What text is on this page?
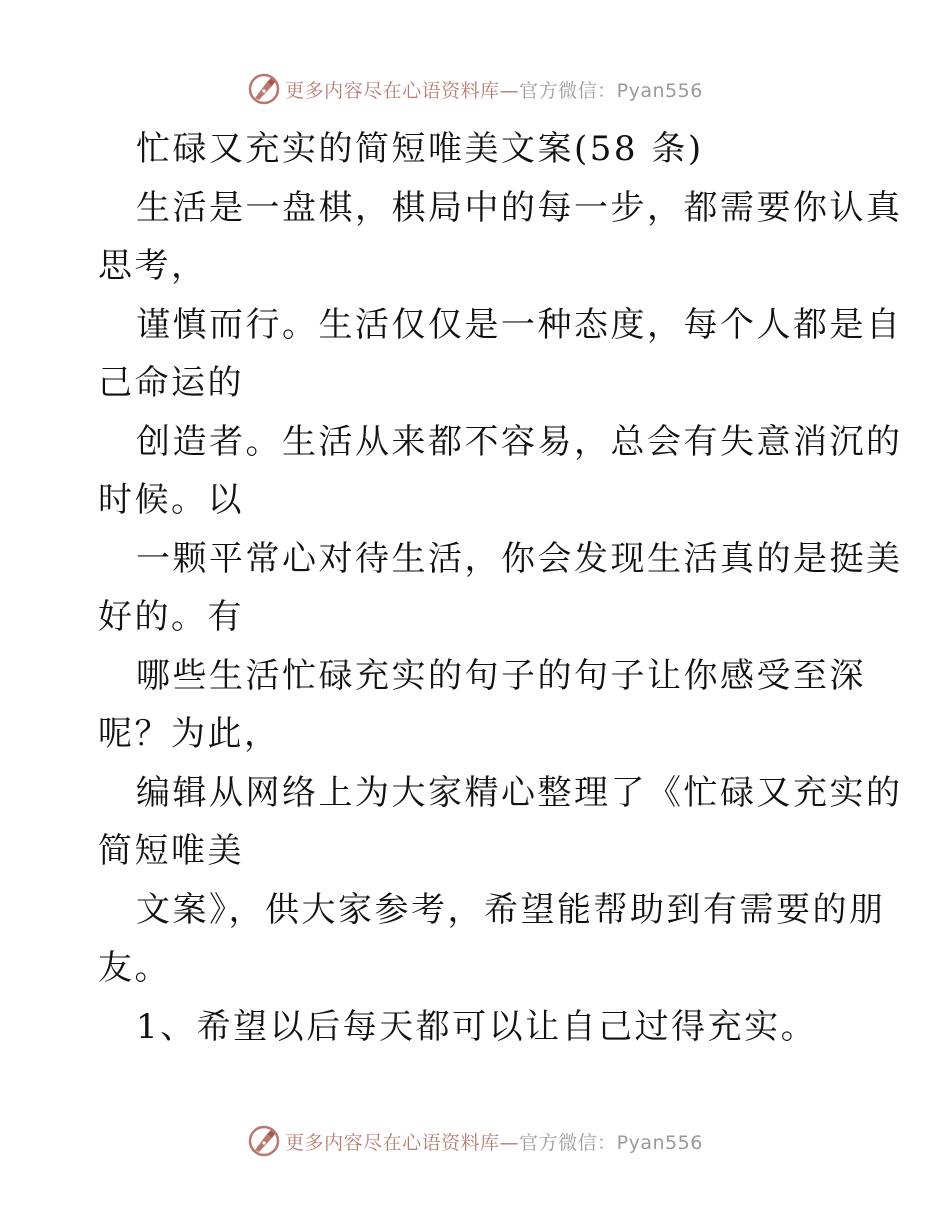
更多内容尽在心语资料库—官方微信：Pyan556
忙碌又充实的简短唯美文案(58 条)
生活是一盘棋，棋局中的每一步，都需要你认真
思考，
谨慎而行。生活仅仅是一种态度，每个人都是自
己命运的
创造者。生活从来都不容易，总会有失意消沉的
时候。以
一颗平常心对待生活，你会发现生活真的是挺美
好的。有
哪些生活忙碌充实的句子的句子让你感受至深
呢？为此，
编辑从网络上为大家精心整理了《忙碌又充实的
简短唯美
文案》，供大家参考，希望能帮助到有需要的朋
友。
1、希望以后每天都可以让自己过得充实。
更多内容尽在心语资料库—官方微信：Pyan556
